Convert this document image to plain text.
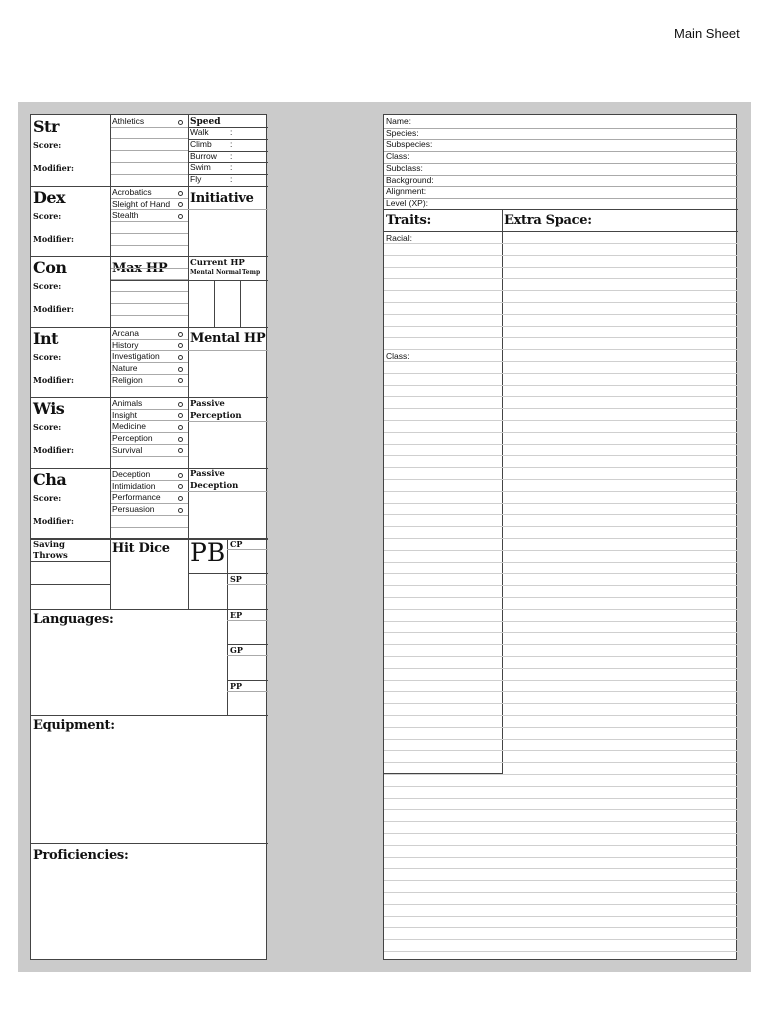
Main Sheet
Str
Score:
Modifier:
Athletics
Dex
Score:
Modifier:
Acrobatics
Sleight of Hand
Stealth
Con
Score:
Modifier:
Int
Score:
Modifier:
Arcana
History
Investigation
Nature
Religion
Wis
Score:
Modifier:
Animals
Insight
Medicine
Perception
Survival
Cha
Score:
Modifier:
Deception
Intimidation
Performance
Persuasion
Speed
Walk	:
Climb :
Burrow :
Swim :
Fly	:
Initiative
Max HP	Current HP
Mental Normal Temp
Mental HP
Passive
Perception
Passive
Deception
Saving
Throws	Hit Dice PB CP
SP
EP
GP
PP
Languages:
Equipment:
Proficiencies:
Name:
Species:
Subspecies:
Class:
Subclass:
Background:
Alignment:
Level (XP):
Traits:	Extra Space:
Racial:
Class:
